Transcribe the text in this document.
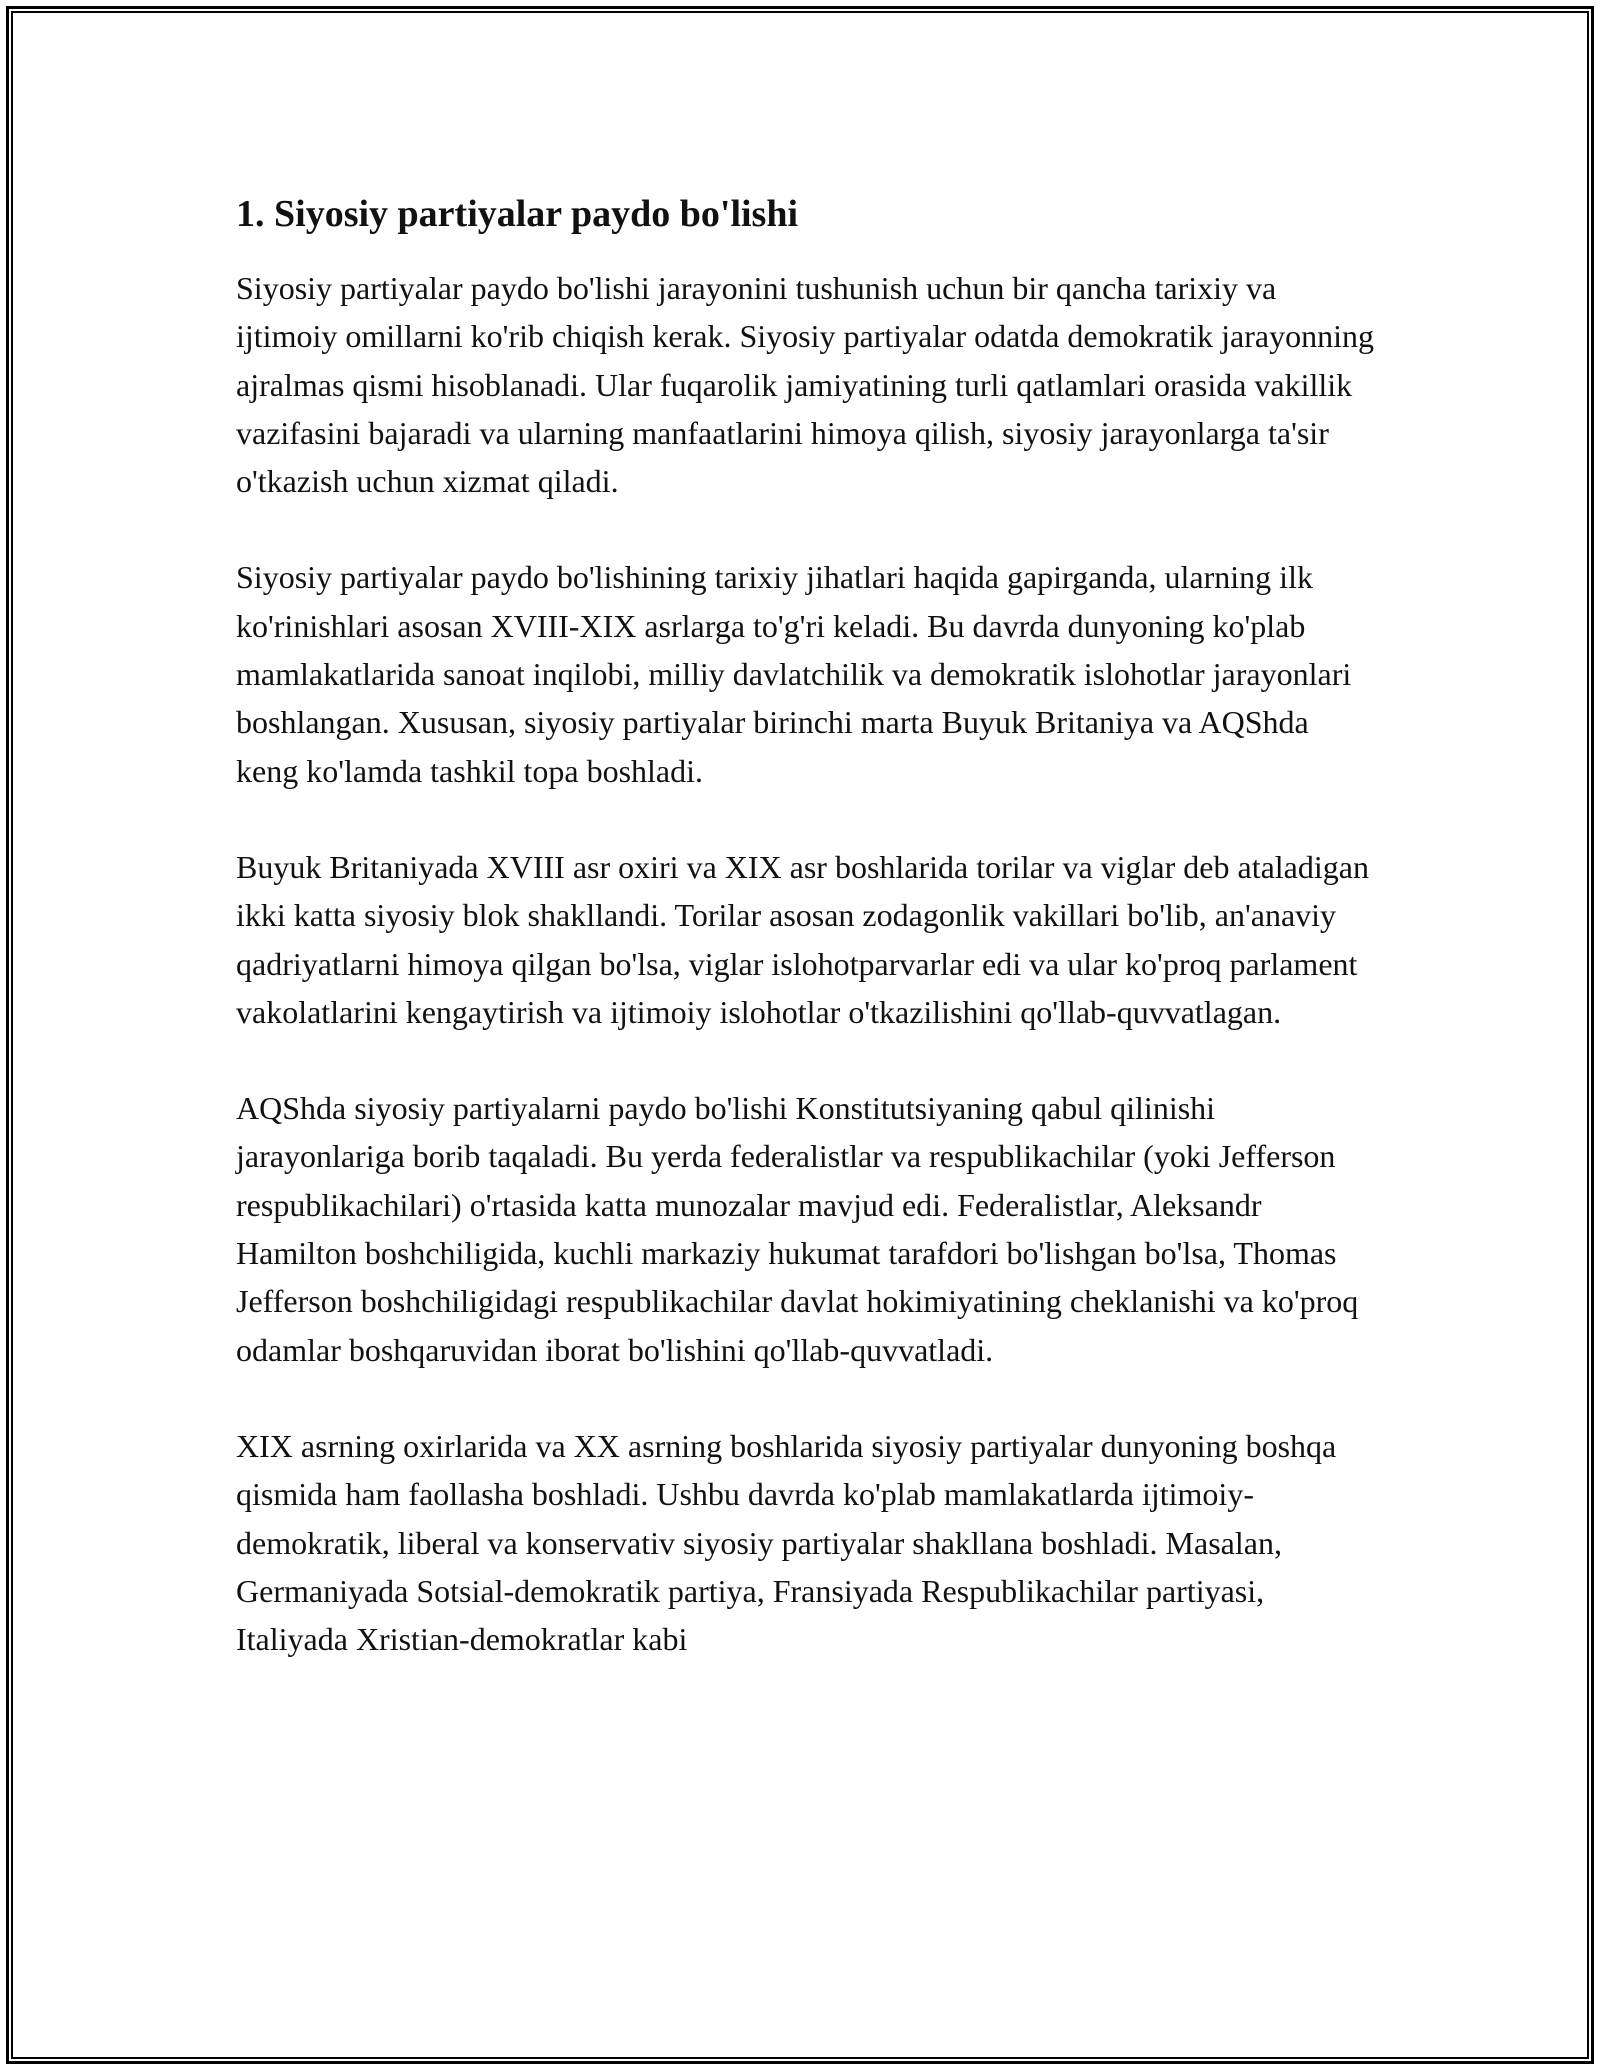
1. Siyosiy partiyalar paydo bo'lishi

Siyosiy partiyalar paydo bo'lishi jarayonini tushunish uchun bir qancha tarixiy va ijtimoiy omillarni ko'rib chiqish kerak. Siyosiy partiyalar odatda demokratik jarayonning ajralmas qismi hisoblanadi. Ular fuqarolik jamiyatining turli qatlamlari orasida vakillik vazifasini bajaradi va ularning manfaatlarini himoya qilish, siyosiy jarayonlarga ta'sir o'tkazish uchun xizmat qiladi.

Siyosiy partiyalar paydo bo'lishining tarixiy jihatlari haqida gapirganda, ularning ilk ko'rinishlari asosan XVIII-XIX asrlarga to'g'ri keladi. Bu davrda dunyoning ko'plab mamlakatlarida sanoat inqilobi, milliy davlatchilik va demokratik islohotlar jarayonlari boshlangan. Xususan, siyosiy partiyalar birinchi marta Buyuk Britaniya va AQShda keng ko'lamda tashkil topa boshladi.

Buyuk Britaniyada XVIII asr oxiri va XIX asr boshlarida torilar va viglar deb ataladigan ikki katta siyosiy blok shakllandi. Torilar asosan zodagonlik vakillari bo'lib, an'anaviy qadriyatlarni himoya qilgan bo'lsa, viglar islohotparvarlar edi va ular ko'proq parlament vakolatlarini kengaytirish va ijtimoiy islohotlar o'tkazilishini qo'llab-quvvatlagan.

AQShda siyosiy partiyalarni paydo bo'lishi Konstitutsiyaning qabul qilinishi jarayonlariga borib taqaladi. Bu yerda federalistlar va respublikachilar (yoki Jefferson respublikachilari) o'rtasida katta munozalar mavjud edi. Federalistlar, Aleksandr Hamilton boshchiligida, kuchli markaziy hukumat tarafdori bo'lishgan bo'lsa, Thomas Jefferson boshchiligidagi respublikachilar davlat hokimiyatining cheklanishi va ko'proq odamlar boshqaruvidan iborat bo'lishini qo'llab-quvvatladi.

XIX asrning oxirlarida va XX asrning boshlarida siyosiy partiyalar dunyoning boshqa qismida ham faollasha boshladi. Ushbu davrda ko'plab mamlakatlarda ijtimoiy-demokratik, liberal va konservativ siyosiy partiyalar shakllana boshladi. Masalan, Germaniyada Sotsial-demokratik partiya, Fransiyada Respublikachilar partiyasi, Italiyada Xristian-demokratlar kabi
